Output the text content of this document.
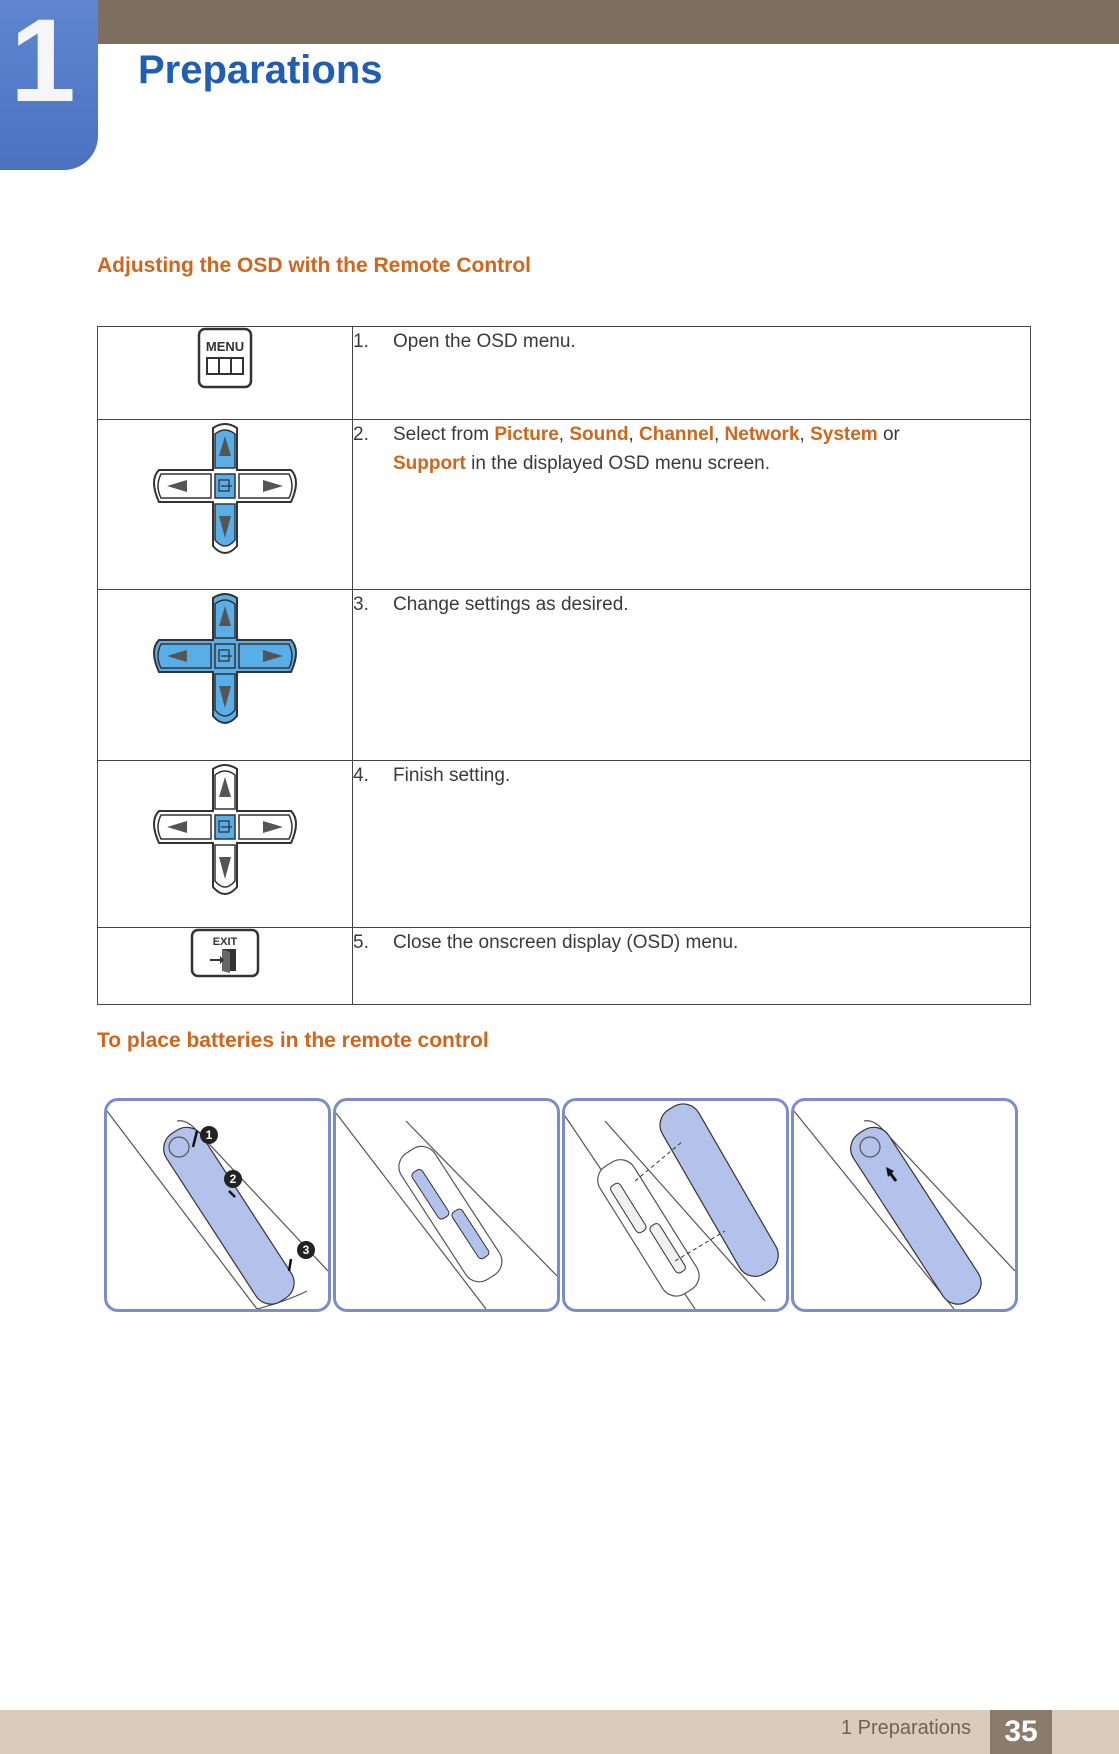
1 Preparations
Adjusting the OSD with the Remote Control
MENU	1. Open the OSD menu.

2. Select from Picture, Sound, Channel, Network, System or
Support in the displayed OSD menu screen.

3. Change settings as desired.

4. Finish setting.

EXIT	5. Close the onscreen display (OSD) menu.
To place batteries in the remote control
1
2
3
1 Preparations	35
